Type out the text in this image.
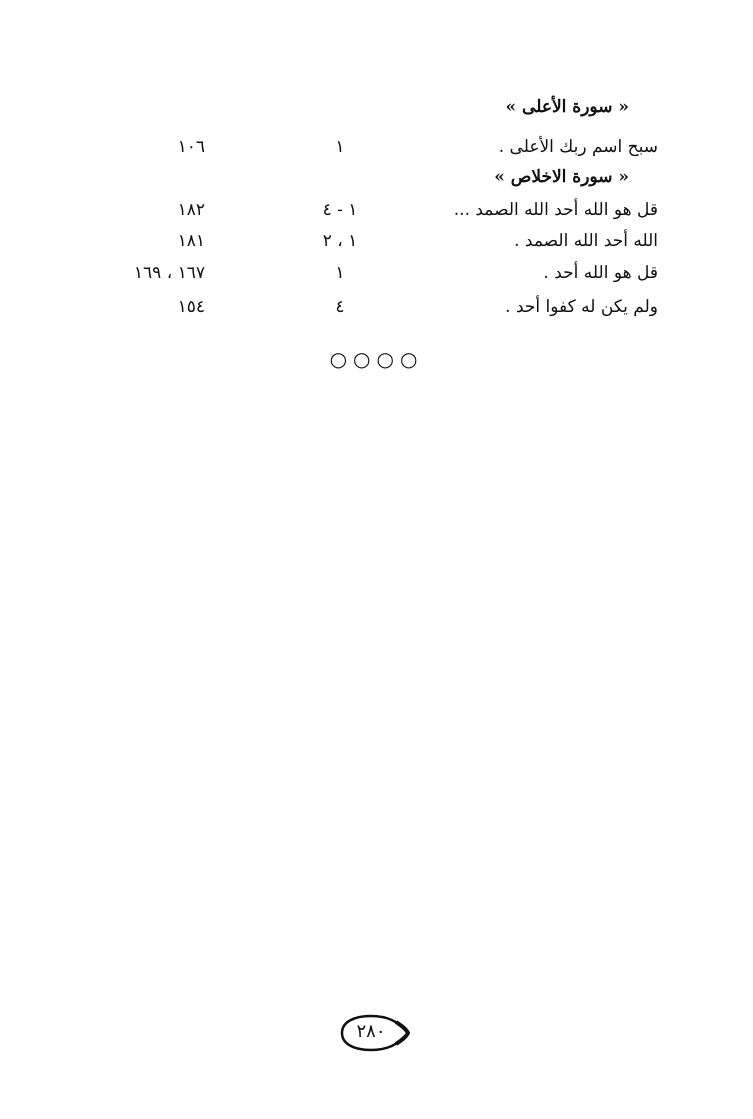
« سورة الأعلى »
سبح اسم ربك الأعلى .
١
١٠٦
« سورة الاخلاص »
قل هو الله أحد الله الصمد ...
١ - ٤
١٨٢
الله أحد الله الصمد .
١ ، ٢
١٨١
قل هو الله أحد .
١
١٦٧ ، ١٦٩
ولم يكن له كفوا أحد .
٤
١٥٤
○○○○
٢٨٠
